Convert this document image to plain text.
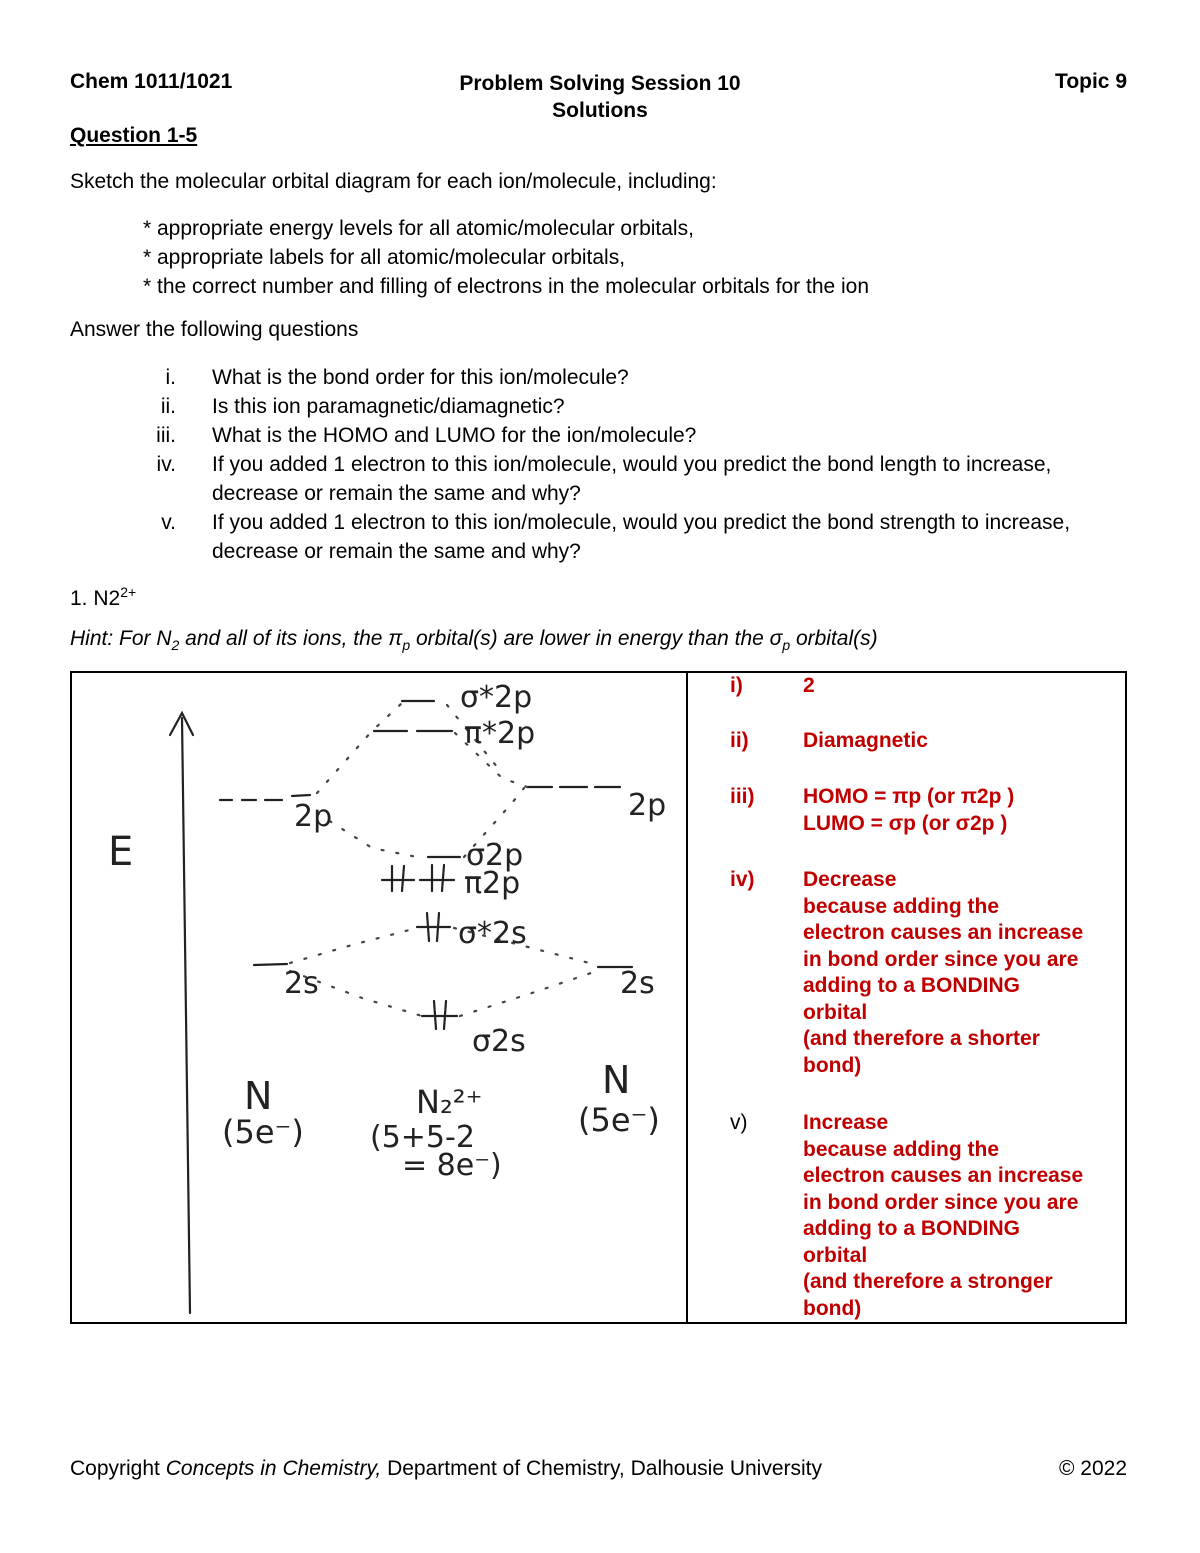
Chem 1011/1021	Problem Solving Session 10
Solutions
Topic 9
Question 1-5
Sketch the molecular orbital diagram for each ion/molecule, including:
* appropriate energy levels for all atomic/molecular orbitals,
* appropriate labels for all atomic/molecular orbitals,
* the correct number and filling of electrons in the molecular orbitals for the ion
Answer the following questions
i.	What is the bond order for this ion/molecule?
ii.	Is this ion paramagnetic/diamagnetic?
iii.	What is the HOMO and LUMO for the ion/molecule?
iv.	If you added 1 electron to this ion/molecule, would you predict the bond length to increase, decrease or remain the same and why?
v.	If you added 1 electron to this ion/molecule, would you predict the bond strength to increase, decrease or remain the same and why?
1. $N2^{2+}$
Hint: For $N_2$ and all of its ions, the $\pi_p$ orbital(s) are lower in energy than the $\sigma_p$ orbital(s)
E
2p	2p
2s	2s
σ*2p
π*2p
σ2p
π2p
σ*2s
σ2s
N
(5e⁻)
N₂²⁺
(5+5-2
= 8e⁻)
N
(5e⁻)
i)	2
ii)	Diamagnetic
iii)	HOMO = πp (or π2p )
LUMO = σp (or σ2p )
iv)	Decrease
because adding the
electron causes an increase
in bond order since you are
adding to a BONDING
orbital
(and therefore a shorter
bond)
v)	Increase
because adding the
electron causes an increase
in bond order since you are
adding to a BONDING
orbital
(and therefore a stronger
bond)
Copyright Concepts in Chemistry, Department of Chemistry, Dalhousie University	© 2022
